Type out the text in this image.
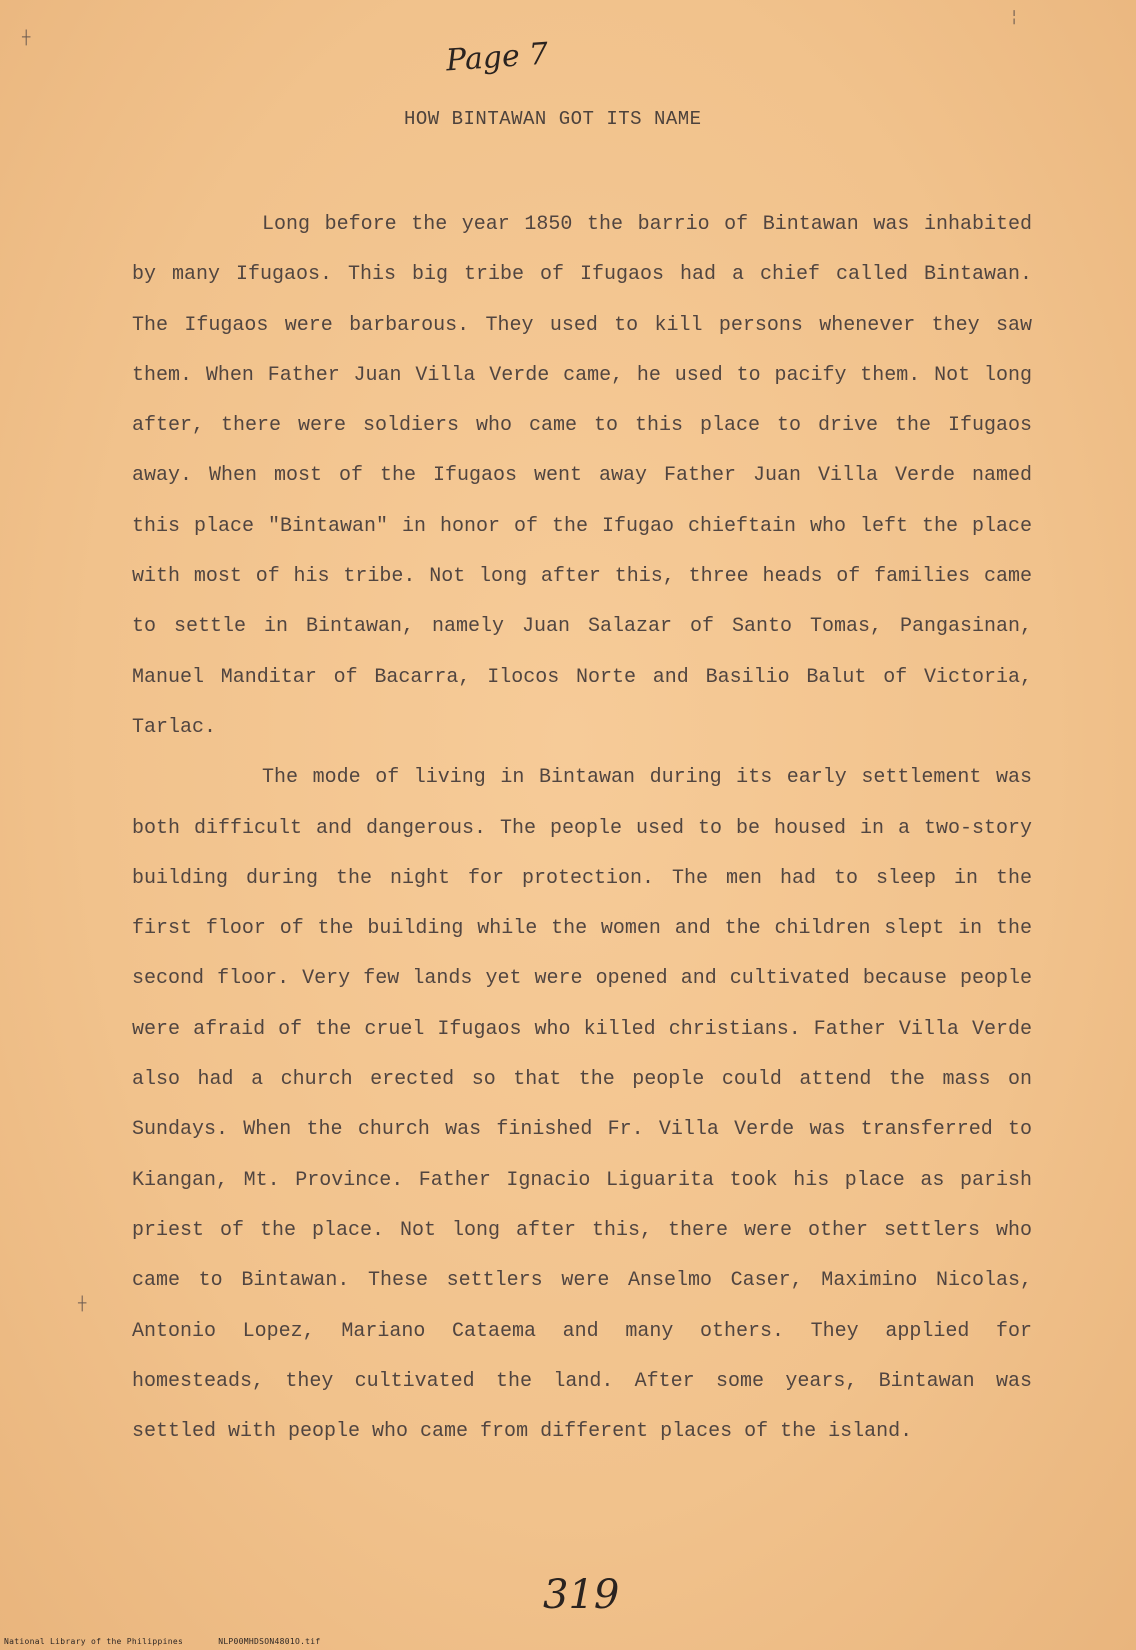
Page 7
HOW BINTAWAN GOT ITS NAME

Long before the year 1850 the barrio of Bintawan was inhabited by many Ifugaos. This big tribe of Ifugaos had a chief called Bintawan. The Ifugaos were barbarous. They used to kill persons whenever they saw them. When Father Juan Villa Verde came, he used to pacify them. Not long after, there were soldiers who came to this place to drive the Ifugaos away. When most of the Ifugaos went away Father Juan Villa Verde named this place "Bintawan" in honor of the Ifugao chieftain who left the place with most of his tribe. Not long after this, three heads of families came to settle in Bintawan, namely Juan Salazar of Santo Tomas, Pangasinan, Manuel Manditar of Bacarra, Ilocos Norte and Basilio Balut of Victoria, Tarlac.

The mode of living in Bintawan during its early settlement was both difficult and dangerous. The people used to be housed in a two-story building during the night for protection. The men had to sleep in the first floor of the building while the women and the children slept in the second floor. Very few lands yet were opened and cultivated because people were afraid of the cruel Ifugaos who killed christians. Father Villa Verde also had a church erected so that the people could attend the mass on Sundays. When the church was finished Fr. Villa Verde was transferred to Kiangan, Mt. Province. Father Ignacio Liguarita took his place as parish priest of the place. Not long after this, there were other settlers who came to Bintawan. These settlers were Anselmo Caser, Maximino Nicolas, Antonio Lopez, Mariano Cataema and many others. They applied for homesteads, they cultivated the land. After some years, Bintawan was settled with people who came from different places of the island.

319
┼
╎
┼
National Library of the Philippines	NLP00MHDSON4801O.tif
